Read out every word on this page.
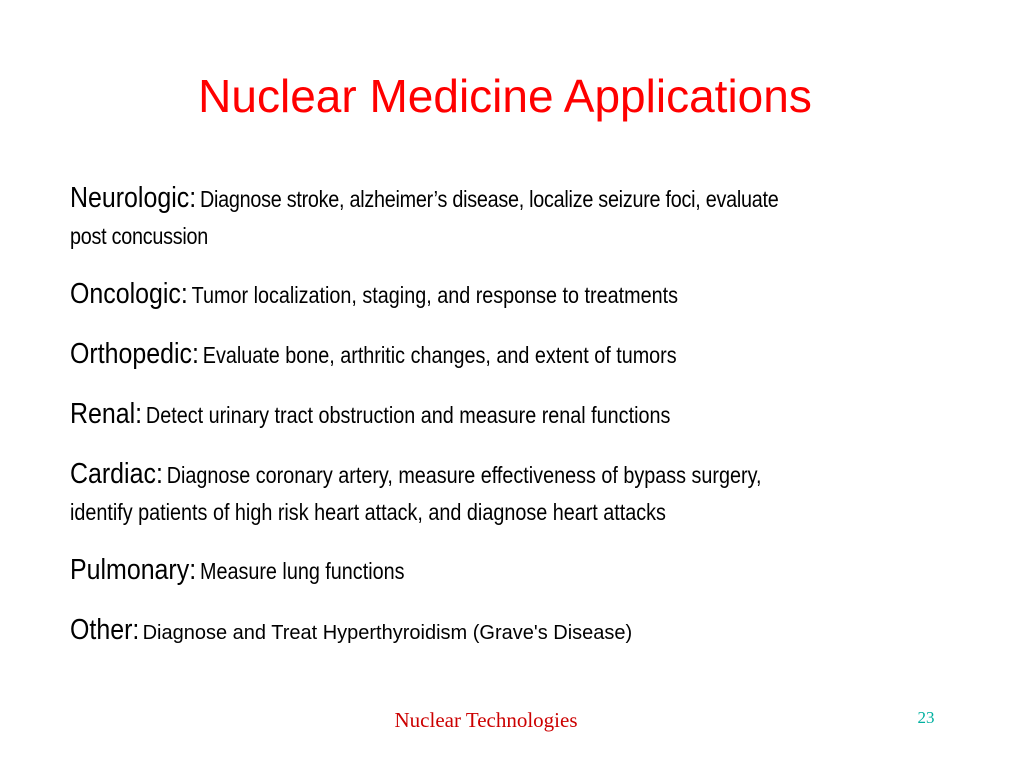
Nuclear Medicine Applications
Neurologic: Diagnose stroke, alzheimer’s disease, localize seizure foci, evaluate post concussion
Oncologic: Tumor localization, staging, and response to treatments
Orthopedic: Evaluate bone, arthritic changes, and extent of tumors
Renal: Detect urinary tract obstruction and measure renal functions
Cardiac: Diagnose coronary artery, measure effectiveness of bypass surgery, identify patients of high risk heart attack, and diagnose heart attacks
Pulmonary: Measure lung functions
Other: Diagnose and Treat Hyperthyroidism (Grave's Disease)
Nuclear Technologies	23
